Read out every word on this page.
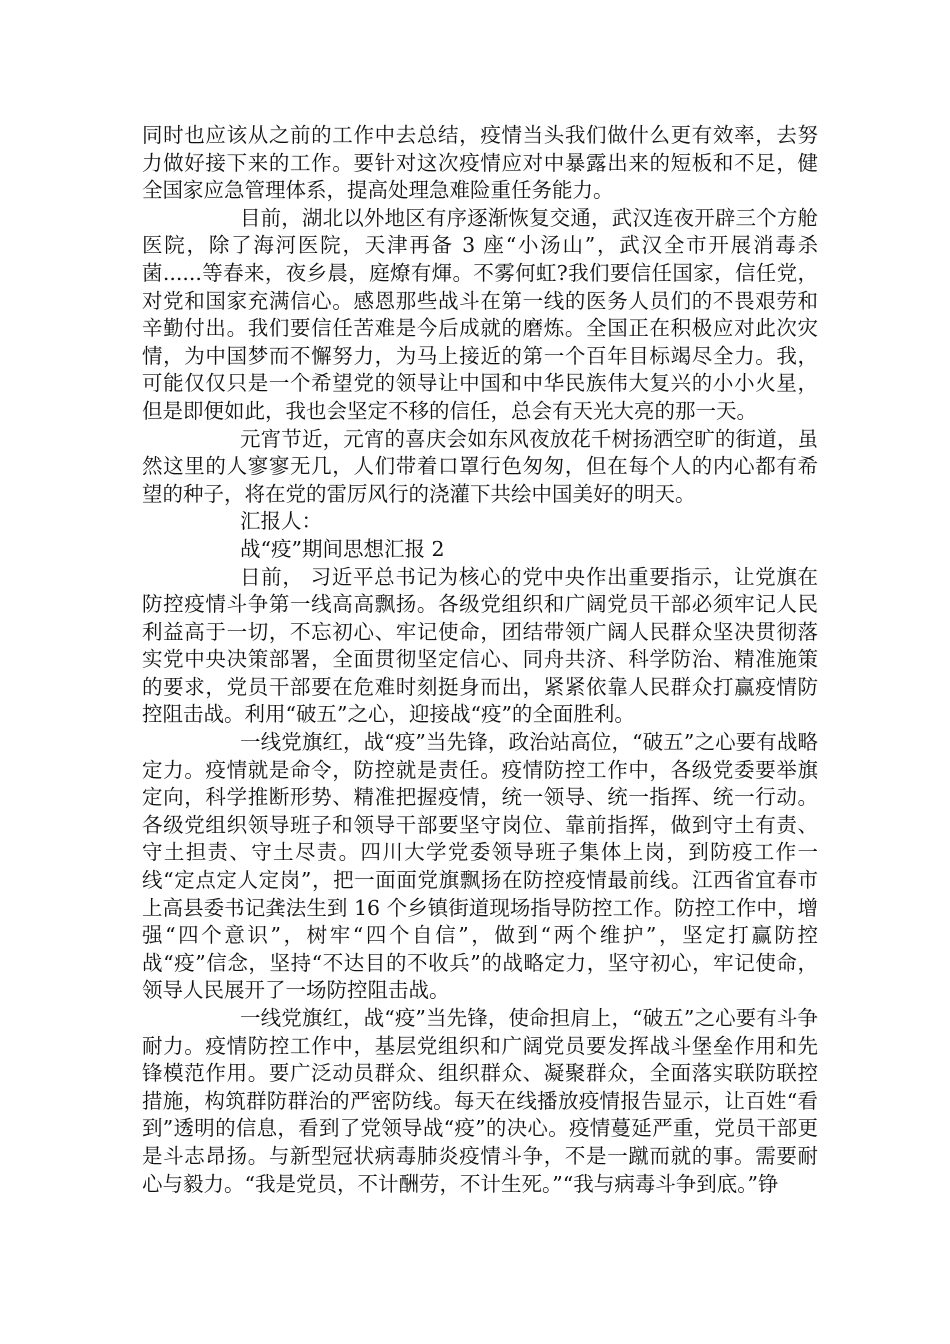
同时也应该从之前的工作中去总结，疫情当头我们做什么更有效率，去努力做好接下来的工作。要针对这次疫情应对中暴露出来的短板和不足，健全国家应急管理体系，提高处理急难险重任务能力。

目前，湖北以外地区有序逐渐恢复交通，武汉连夜开辟三个方舱医院，除了海河医院，天津再备 3 座“小汤山”，武汉全市开展消毒杀菌......等春来，夜乡晨，庭燎有煇。不雾何虹?我们要信任国家，信任党，对党和国家充满信心。感恩那些战斗在第一线的医务人员们的不畏艰劳和辛勤付出。我们要信任苦难是今后成就的磨炼。全国正在积极应对此次灾情，为中国梦而不懈努力，为马上接近的第一个百年目标竭尽全力。我，可能仅仅只是一个希望党的领导让中国和中华民族伟大复兴的小小火星，但是即便如此，我也会坚定不移的信任，总会有天光大亮的那一天。

元宵节近，元宵的喜庆会如东风夜放花千树扬洒空旷的街道，虽然这里的人寥寥无几，人们带着口罩行色匆匆，但在每个人的内心都有希望的种子，将在党的雷厉风行的浇灌下共绘中国美好的明天。

汇报人：

战“疫”期间思想汇报 2

日前， 习近平总书记为核心的党中央作出重要指示，让党旗在防控疫情斗争第一线高高飘扬。各级党组织和广阔党员干部必须牢记人民利益高于一切，不忘初心、牢记使命，团结带领广阔人民群众坚决贯彻落实党中央决策部署，全面贯彻坚定信心、同舟共济、科学防治、精准施策的要求，党员干部要在危难时刻挺身而出，紧紧依靠人民群众打赢疫情防控阻击战。利用“破五”之心，迎接战“疫”的全面胜利。

一线党旗红，战“疫”当先锋，政治站高位，“破五”之心要有战略定力。疫情就是命令，防控就是责任。疫情防控工作中，各级党委要举旗定向，科学推断形势、精准把握疫情，统一领导、统一指挥、统一行动。各级党组织领导班子和领导干部要坚守岗位、靠前指挥，做到守土有责、守土担责、守土尽责。四川大学党委领导班子集体上岗，到防疫工作一线“定点定人定岗”，把一面面党旗飘扬在防控疫情最前线。江西省宜春市上高县委书记龚法生到 16 个乡镇街道现场指导防控工作。防控工作中，增强“四个意识”，树牢“四个自信”，做到“两个维护”，坚定打赢防控战“疫”信念，坚持“不达目的不收兵”的战略定力，坚守初心，牢记使命，领导人民展开了一场防控阻击战。

一线党旗红，战“疫”当先锋，使命担肩上，“破五”之心要有斗争耐力。疫情防控工作中，基层党组织和广阔党员要发挥战斗堡垒作用和先锋模范作用。要广泛动员群众、组织群众、凝聚群众，全面落实联防联控措施，构筑群防群治的严密防线。每天在线播放疫情报告显示，让百姓“看到”透明的信息，看到了党领导战“疫”的决心。疫情蔓延严重，党员干部更是斗志昂扬。与新型冠状病毒肺炎疫情斗争，不是一蹴而就的事。需要耐心与毅力。“我是党员，不计酬劳，不计生死。”“我与病毒斗争到底。”铮
